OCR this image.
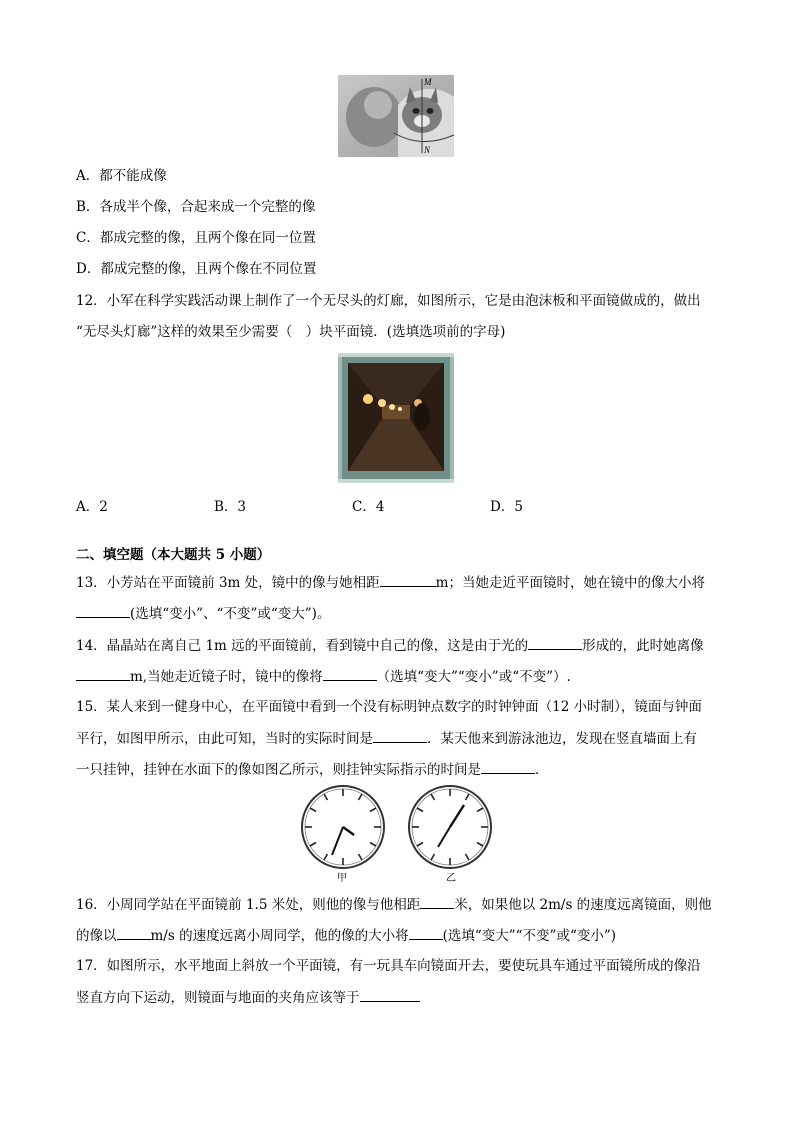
M
N
A．都不能成像
B．各成半个像，合起来成一个完整的像
C．都成完整的像，且两个像在同一位置
D．都成完整的像，且两个像在不同位置
12．小军在科学实践活动课上制作了一个无尽头的灯廊，如图所示，它是由泡沫板和平面镜做成的，做出
“无尽头灯廊”这样的效果至少需要（　）块平面镜．(选填选项前的字母)
A．2	B．3	C．4	D．5
二、填空题（本大题共 5 小题）
13．小芳站在平面镜前 3m 处，镜中的像与她相距	m；当她走近平面镜时，她在镜中的像大小将
(选填“变小”、“不变”或“变大”)。
14．晶晶站在离自己 1m 远的平面镜前，看到镜中自己的像，这是由于光的	形成的，此时她离像
m,当她走近镜子时，镜中的像将	（选填“变大”“变小”或“不变”）.
15．某人来到一健身中心，在平面镜中看到一个没有标明钟点数字的时钟钟面（12 小时制），镜面与钟面
平行，如图甲所示，由此可知，当时的实际时间是	．某天他来到游泳池边，发现在竖直墙面上有
一只挂钟，挂钟在水面下的像如图乙所示，则挂钟实际指示的时间是	．
甲	乙
16．小周同学站在平面镜前 1.5 米处，则他的像与他相距	米，如果他以 2m/s 的速度远离镜面，则他
的像以	m/s 的速度远离小周同学，他的像的大小将	(选填“变大”“不变”或“变小”)
17．如图所示，水平地面上斜放一个平面镜，有一玩具车向镜面开去，要使玩具车通过平面镜所成的像沿
竖直方向下运动，则镜面与地面的夹角应该等于
